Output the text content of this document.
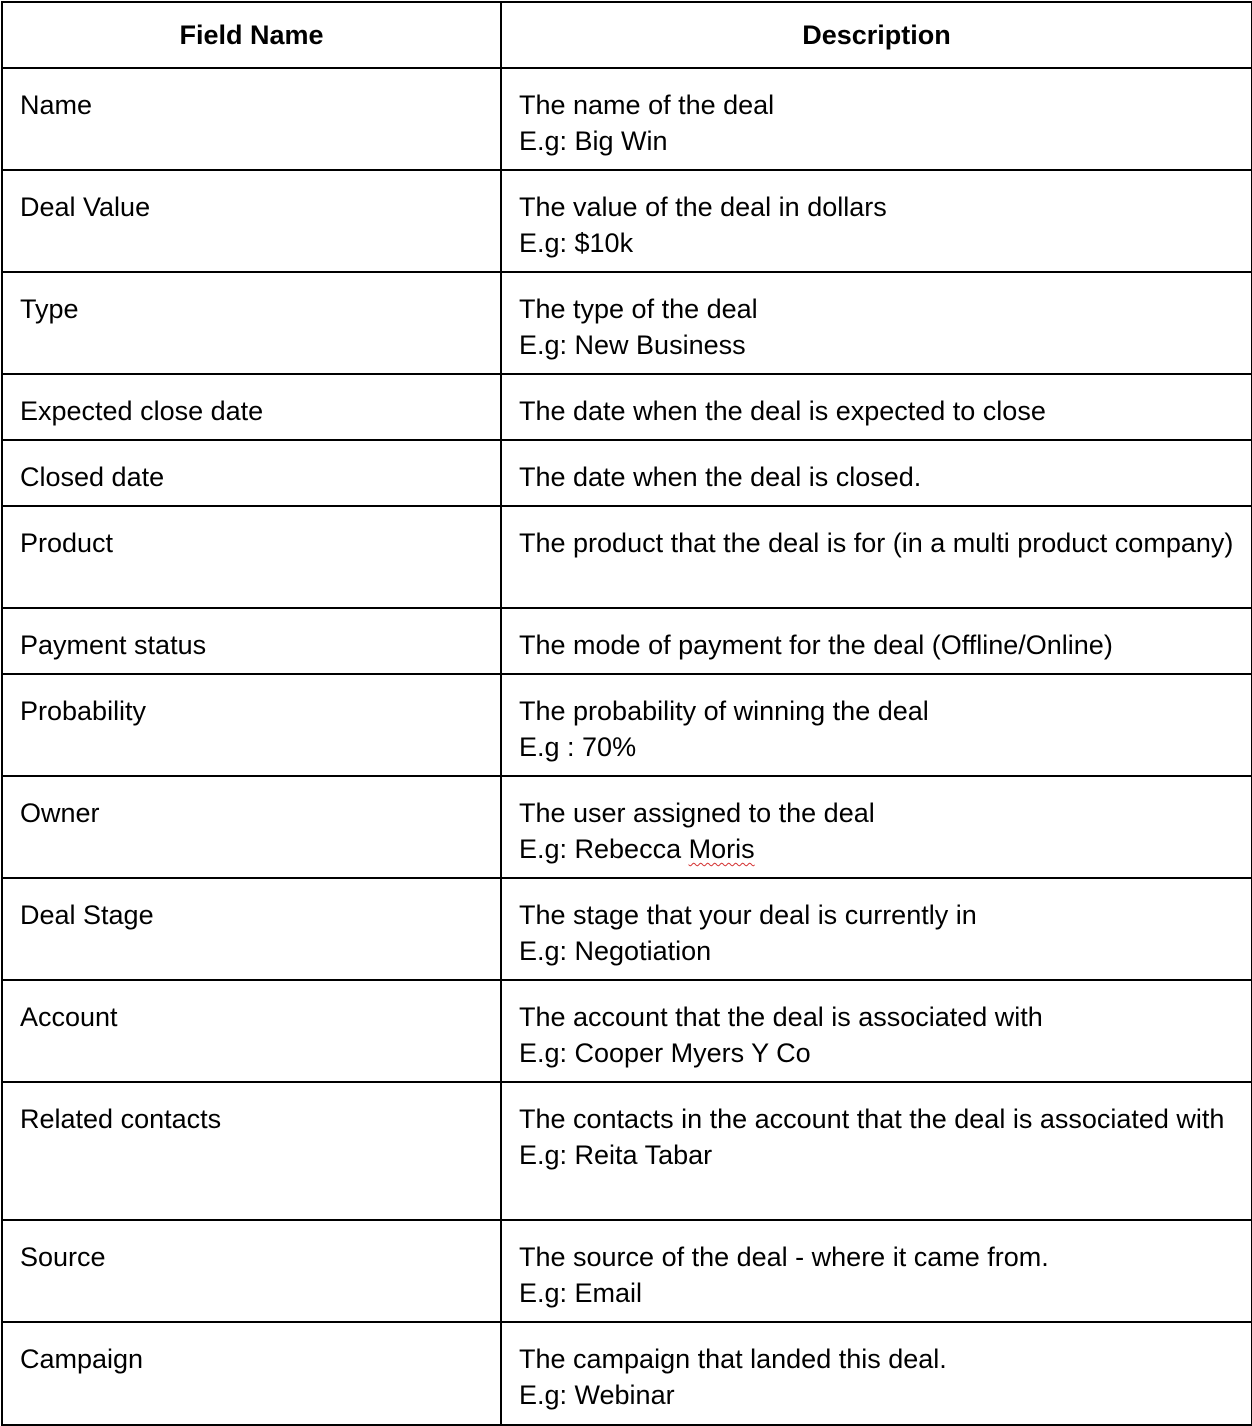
Field Name	Description

Name	The name of the deal
E.g: Big Win

Deal Value	The value of the deal in dollars
E.g: $10k

Type	The type of the deal
E.g: New Business

Expected close date	The date when the deal is expected to close

Closed date	The date when the deal is closed.

Product	The product that the deal is for (in a multi product company)

Payment status	The mode of payment for the deal (Offline/Online)

Probability	The probability of winning the deal
E.g : 70%

Owner	The user assigned to the deal
E.g: Rebecca Moris

Deal Stage	The stage that your deal is currently in
E.g: Negotiation

Account	The account that the deal is associated with
E.g: Cooper Myers Y Co

Related contacts	The contacts in the account that the deal is associated with
E.g: Reita Tabar

Source	The source of the deal - where it came from.
E.g: Email

Campaign	The campaign that landed this deal.
E.g: Webinar
